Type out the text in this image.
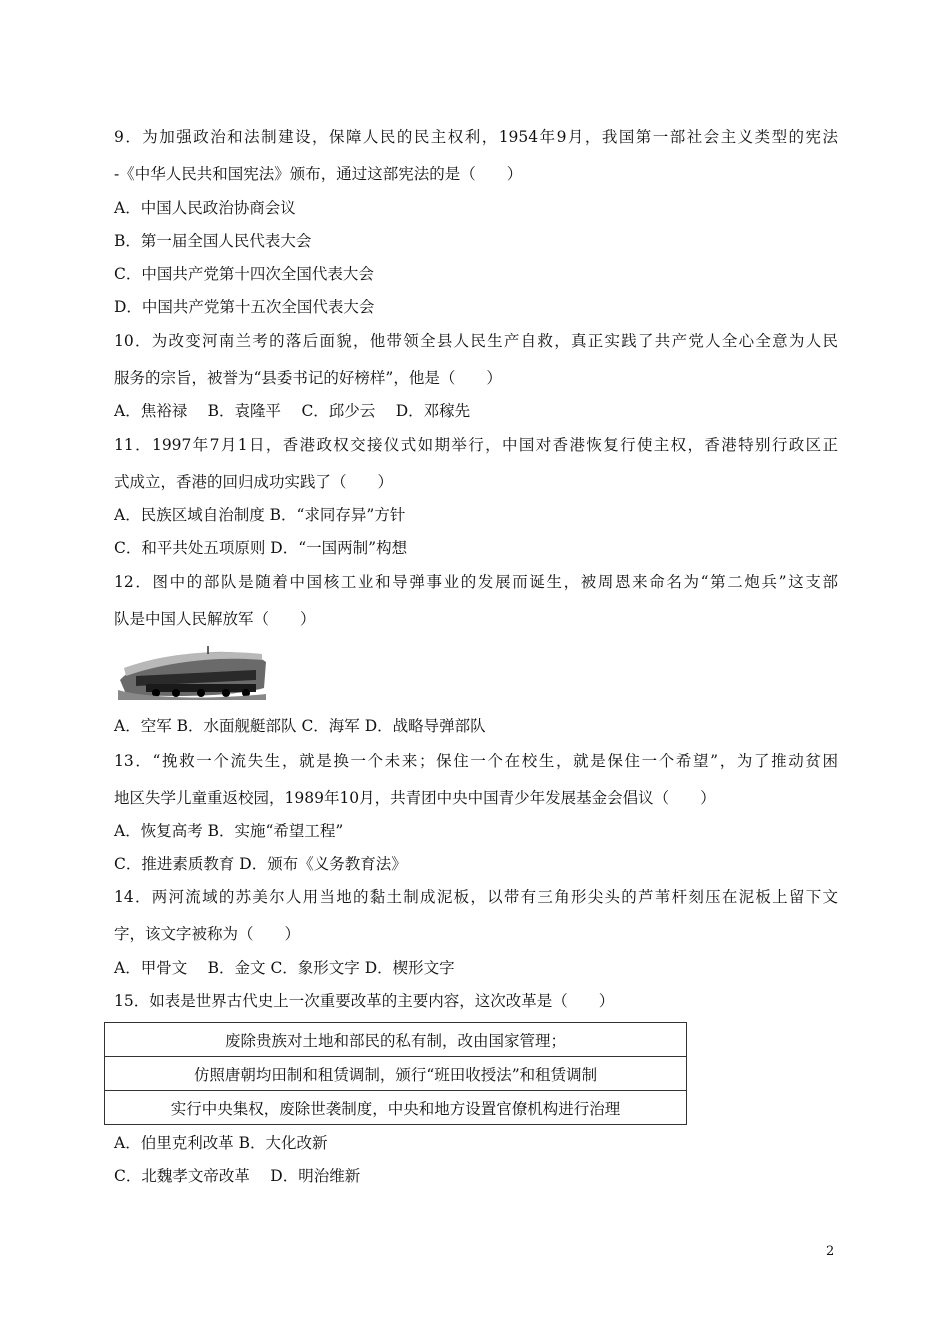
9．为加强政治和法制建设，保障人民的民主权利，1954年9月，我国第一部社会主义类型的宪法
-《中华人民共和国宪法》颁布，通过这部宪法的是（　　）
A．中国人民政治协商会议
B．第一届全国人民代表大会
C．中国共产党第十四次全国代表大会
D．中国共产党第十五次全国代表大会
10．为改变河南兰考的落后面貌，他带领全县人民生产自救，真正实践了共产党人全心全意为人民
服务的宗旨，被誉为“县委书记的好榜样”，他是（　　）
A．焦裕禄　 B．袁隆平　 C．邱少云　 D．邓稼先
11．1997年7月1日，香港政权交接仪式如期举行，中国对香港恢复行使主权，香港特别行政区正
式成立，香港的回归成功实践了（　　）
A．民族区域自治制度 B．“求同存异”方针
C．和平共处五项原则 D．“一国两制”构想
12．图中的部队是随着中国核工业和导弹事业的发展而诞生，被周恩来命名为“第二炮兵”这支部
队是中国人民解放军（　　）
A．空军 B．水面舰艇部队 C．海军 D．战略导弹部队
13．“挽救一个流失生，就是换一个未来；保住一个在校生，就是保住一个希望”，为了推动贫困
地区失学儿童重返校园，1989年10月，共青团中央中国青少年发展基金会倡议（　　）
A．恢复高考 B．实施“希望工程”
C．推进素质教育 D．颁布《义务教育法》
14．两河流域的苏美尔人用当地的黏土制成泥板，以带有三角形尖头的芦苇杆刻压在泥板上留下文
字，该文字被称为（　　）
A．甲骨文　 B．金文 C．象形文字 D．楔形文字
15．如表是世界古代史上一次重要改革的主要内容，这次改革是（　　）
废除贵族对土地和部民的私有制，改由国家管理；
仿照唐朝均田制和租赁调制，颁行“班田收授法”和租赁调制
实行中央集权，废除世袭制度，中央和地方设置官僚机构进行治理
A．伯里克利改革 B．大化改新
C．北魏孝文帝改革　 D．明治维新
2
